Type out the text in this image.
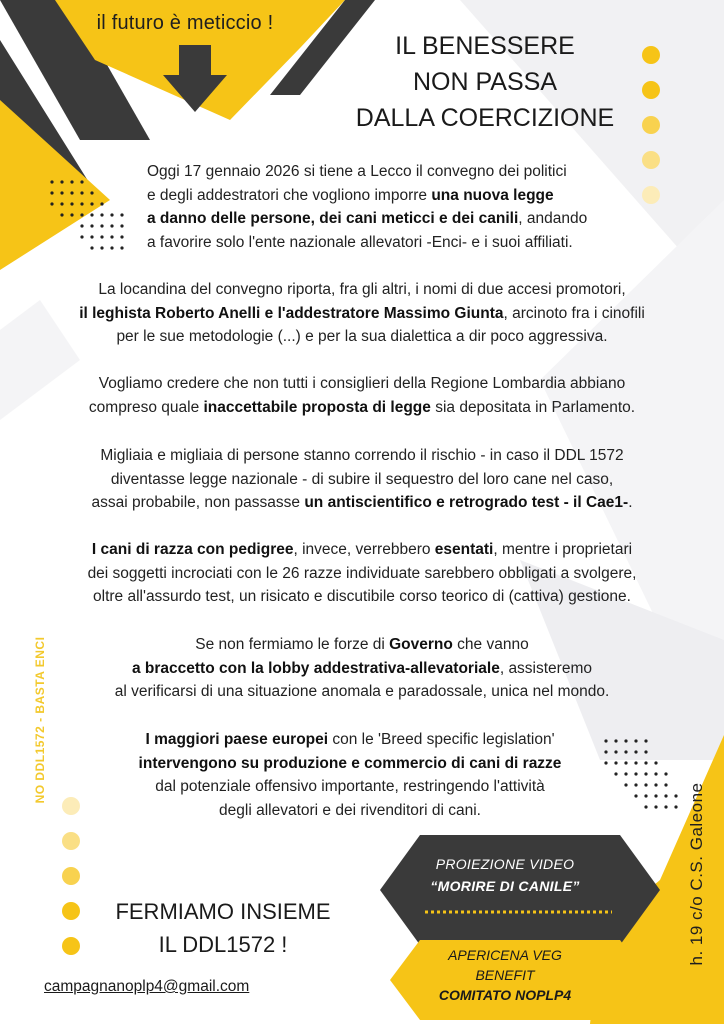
il futuro è meticcio !
IL BENESSERE
NON PASSA
DALLA COERCIZIONE

Oggi 17 gennaio 2026 si tiene a Lecco il convegno dei politici
e degli addestratori che vogliono imporre una nuova legge
a danno delle persone, dei cani meticci e dei canili, andando
a favorire solo l'ente nazionale allevatori -Enci- e i suoi affiliati.

La locandina del convegno riporta, fra gli altri, i nomi di due accesi promotori,
il leghista Roberto Anelli e l'addestratore Massimo Giunta, arcinoto fra i cinofili
per le sue metodologie (...) e per la sua dialettica a dir poco aggressiva.

Vogliamo credere che non tutti i consiglieri della Regione Lombardia abbiano
compreso quale inaccettabile proposta di legge sia depositata in Parlamento.

Migliaia e migliaia di persone stanno correndo il rischio - in caso il DDL 1572
diventasse legge nazionale - di subire il sequestro del loro cane nel caso,
assai probabile, non passasse un antiscientifico e retrogrado test - il Cae1-.

I cani di razza con pedigree, invece, verrebbero esentati, mentre i proprietari
dei soggetti incrociati con le 26 razze individuate sarebbero obbligati a svolgere,
oltre all'assurdo test, un risicato e discutibile corso teorico di (cattiva) gestione.

Se non fermiamo le forze di Governo che vanno
a braccetto con la lobby addestrativa-allevatoriale, assisteremo
al verificarsi di una situazione anomala e paradossale, unica nel mondo.

I maggiori paese europei con le 'Breed specific legislation'
intervengono su produzione e commercio di cani di razze
dal potenziale offensivo importante, restringendo l'attività
degli allevatori e dei rivenditori di cani.

NO DDL1572 - BASTA ENCI
h. 19 c/o C.S. Galeone
FERMIAMO INSIEME
IL DDL1572 !
campagnanoplp4@gmail.com
PROIEZIONE VIDEO
“MORIRE DI CANILE”
APERICENA VEG
BENEFIT
COMITATO NOPLP4
